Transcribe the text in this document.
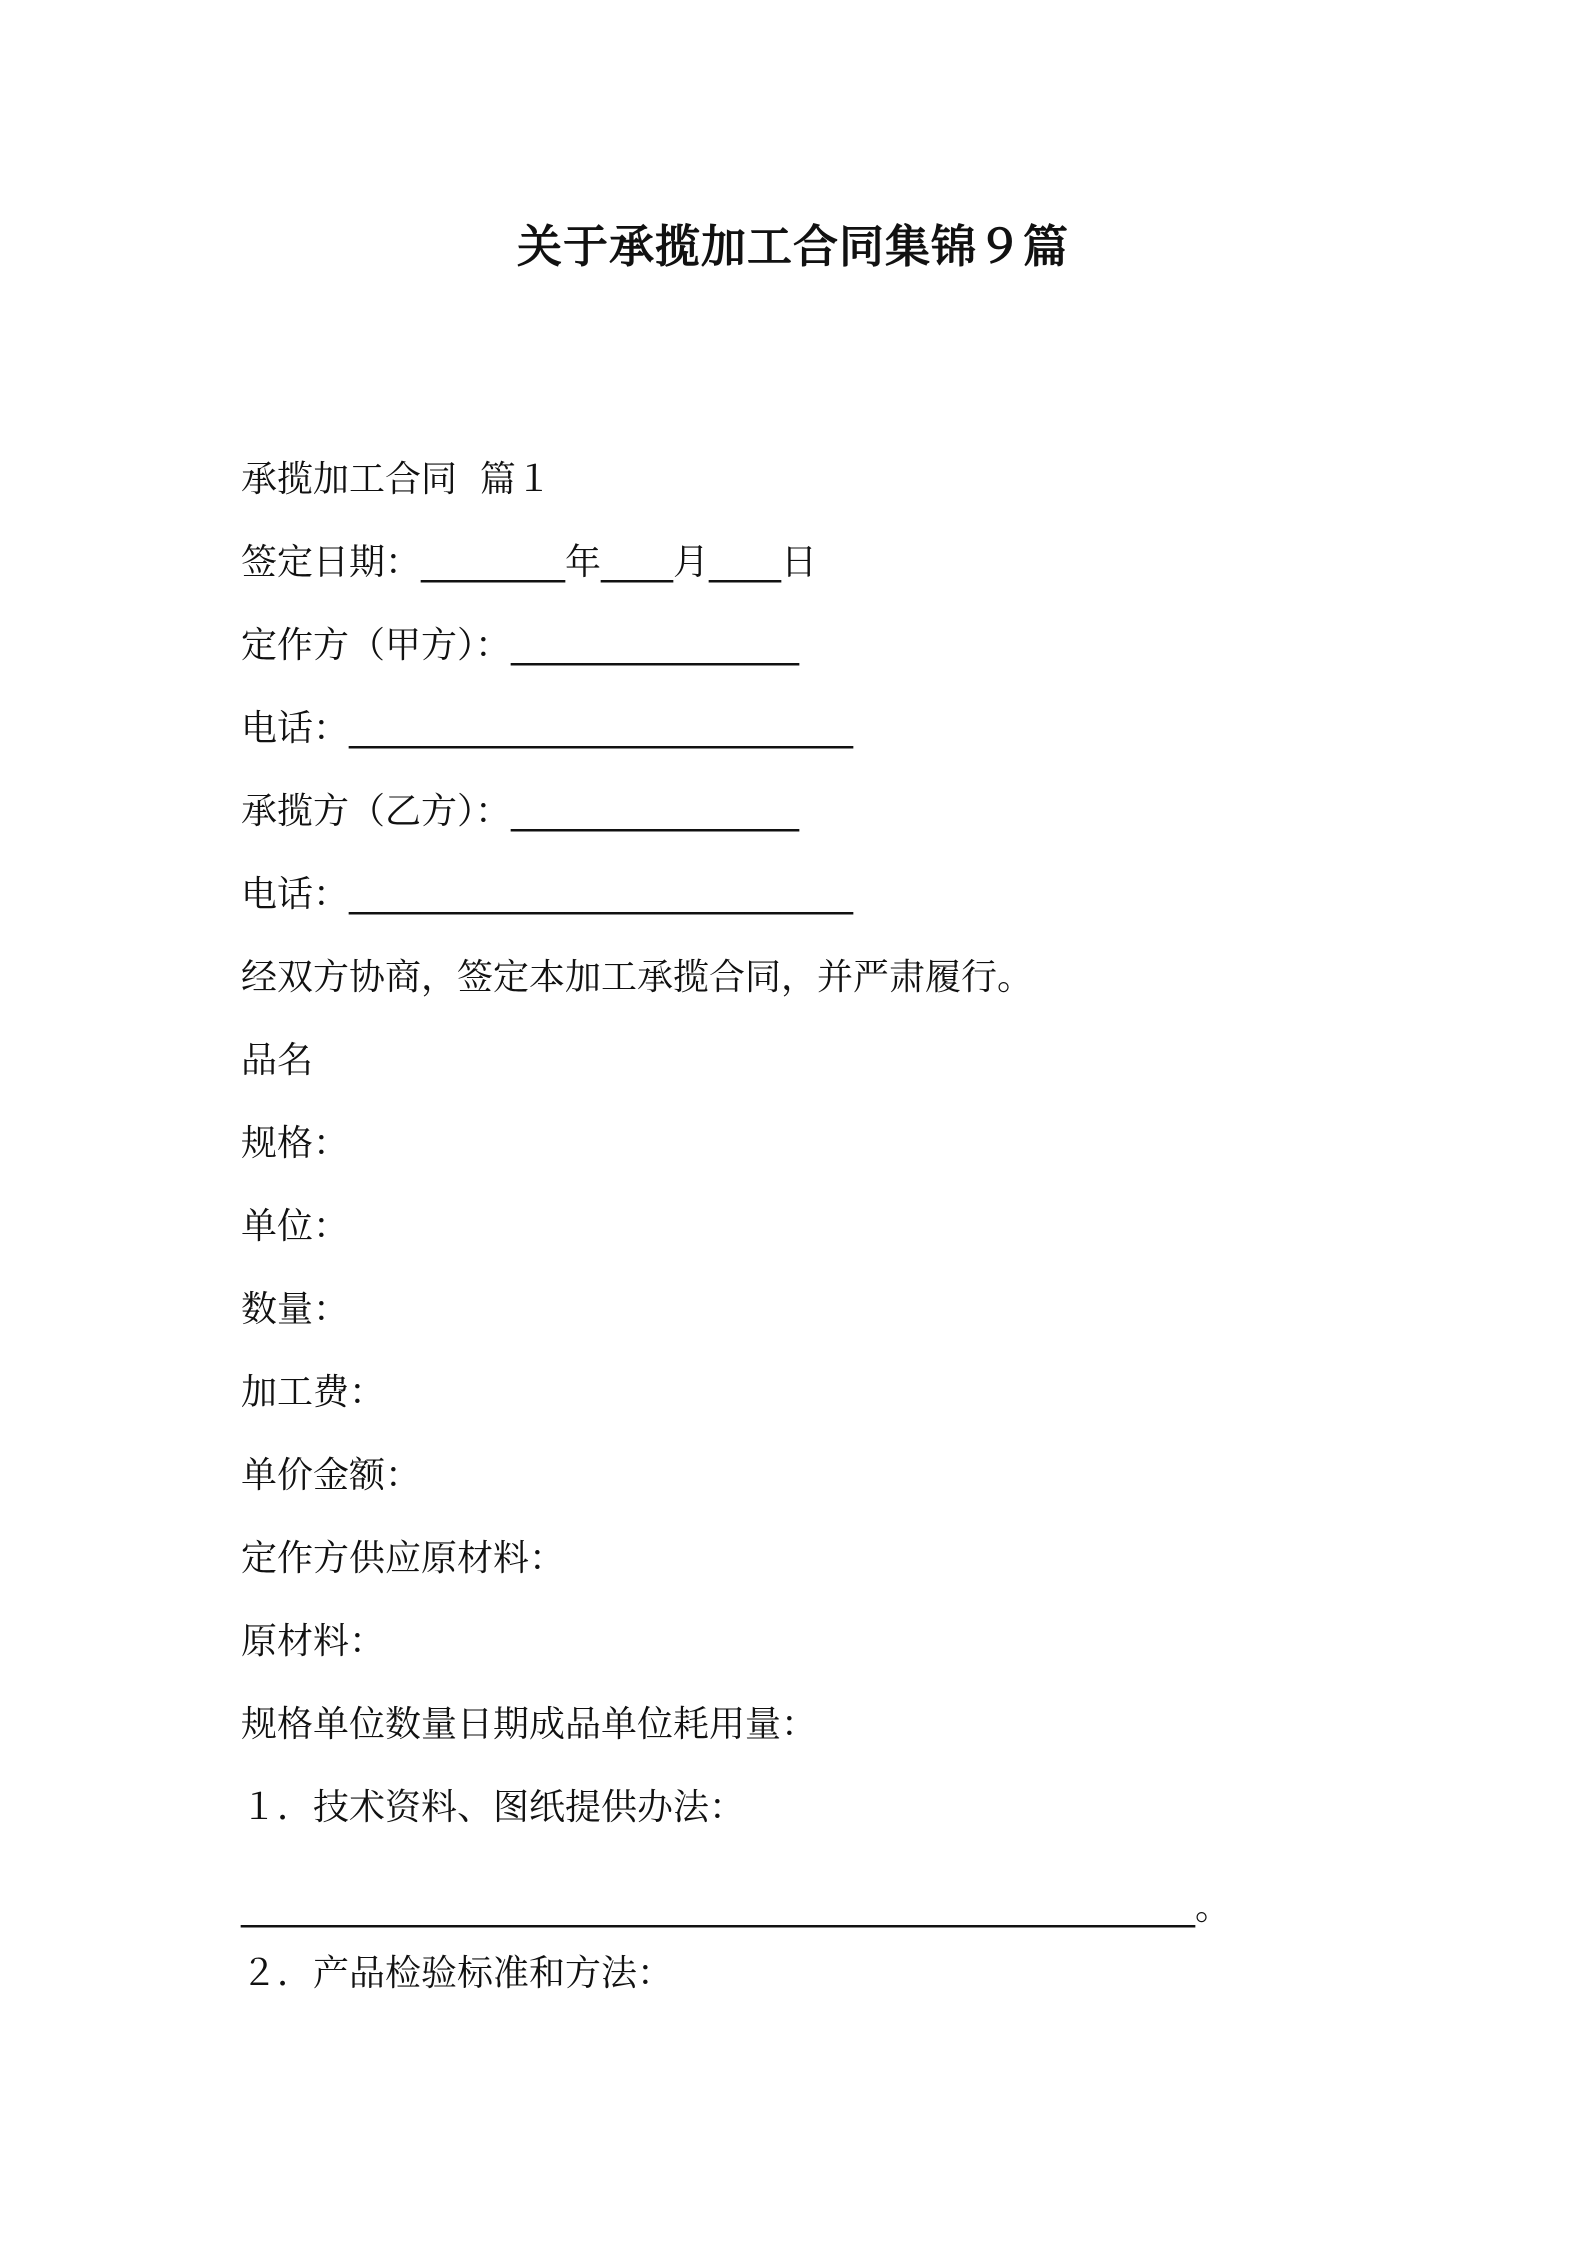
关于承揽加工合同集锦９篇

承揽加工合同  篇１

签定日期：________年____月____日

定作方（甲方）：________________

电话：____________________________

承揽方（乙方）：________________

电话：____________________________

经双方协商，签定本加工承揽合同，并严肃履行。

品名

规格：

单位：

数量：

加工费：

单价金额：

定作方供应原材料：

原材料：

规格单位数量日期成品单位耗用量：

１．技术资料、图纸提供办法：

_____________________________________________________。

２．产品检验标准和方法：
